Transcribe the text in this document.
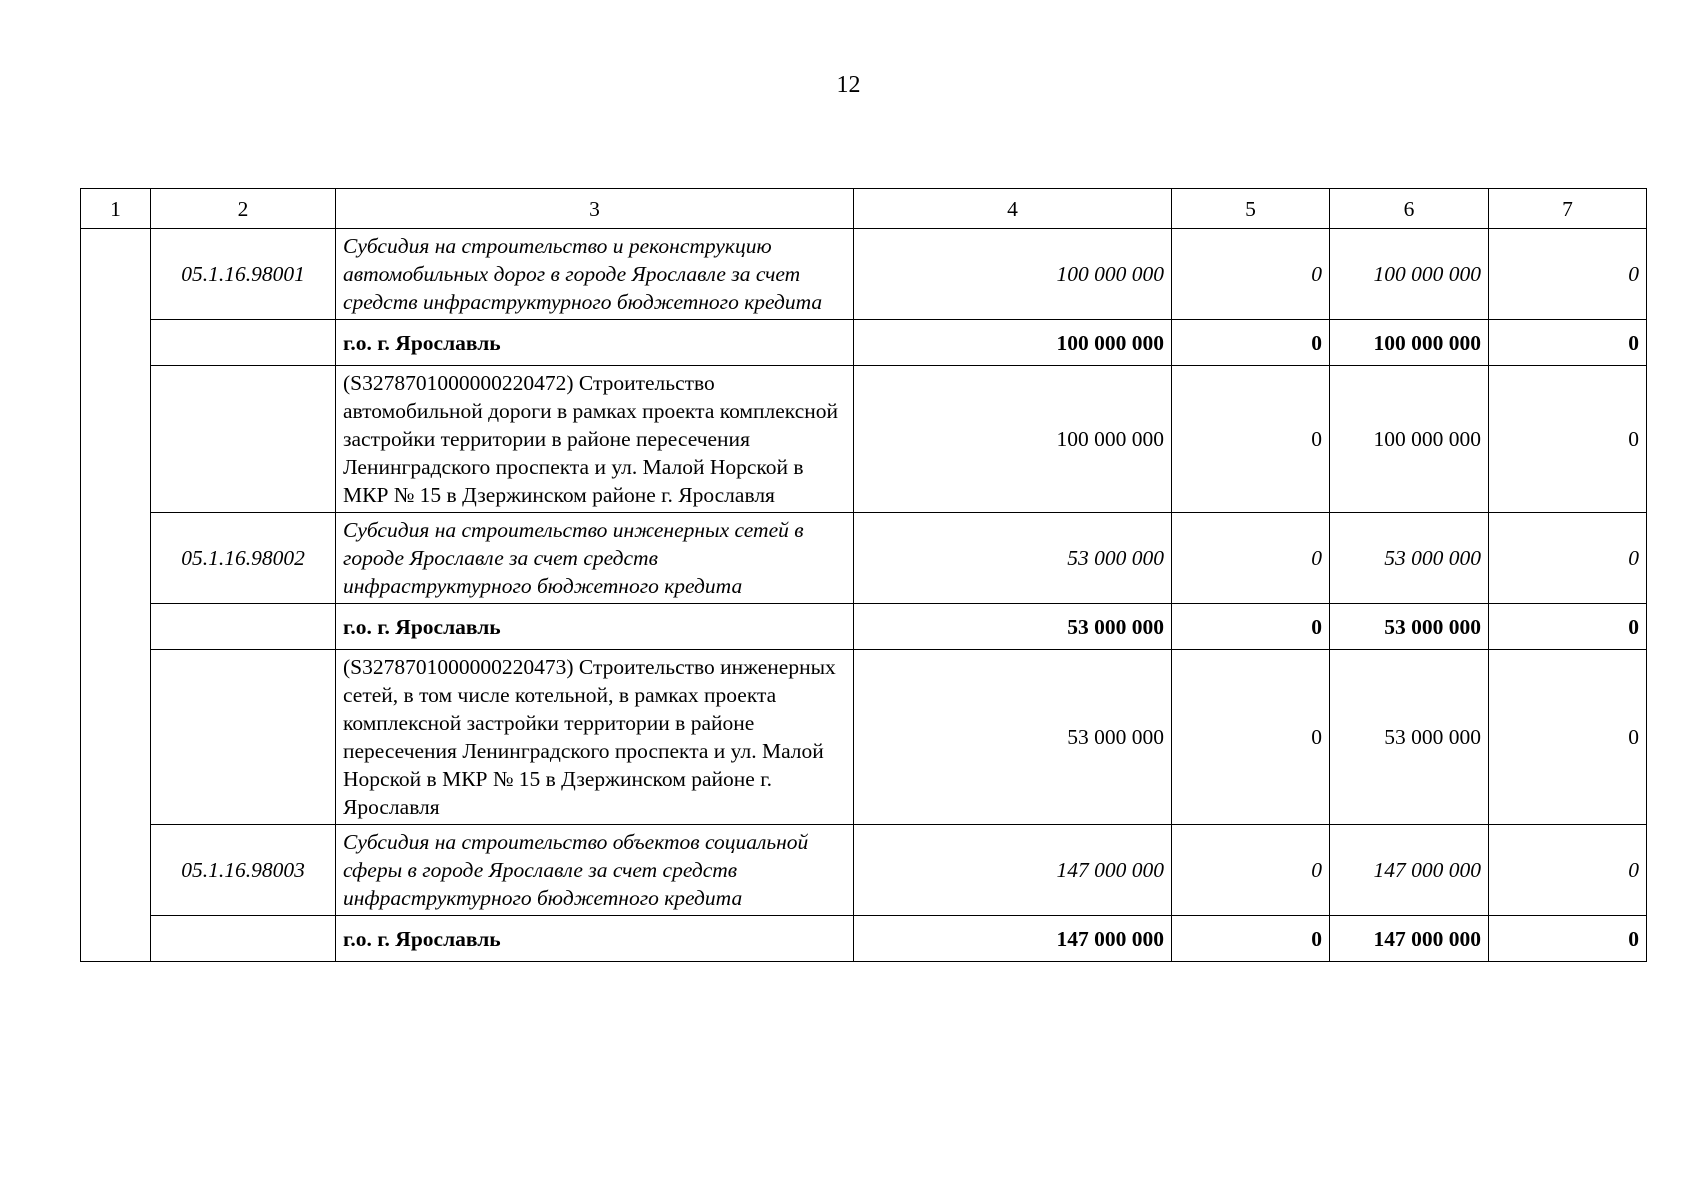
12
1	2	3	4	5	6	7
	05.1.16.98001	Субсидия на строительство и реконструкцию автомобильных дорог в городе Ярославле за счет средств инфраструктурного бюджетного кредита	100 000 000	0	100 000 000	0
		г.о. г. Ярославль	100 000 000	0	100 000 000	0
		(S3278701000000220472) Строительство автомобильной дороги в рамках проекта комплексной застройки территории в районе пересечения Ленинградского проспекта и ул. Малой Норской в МКР № 15 в Дзержинском районе г. Ярославля	100 000 000	0	100 000 000	0
	05.1.16.98002	Субсидия на строительство инженерных сетей в городе Ярославле за счет средств инфраструктурного бюджетного кредита	53 000 000	0	53 000 000	0
		г.о. г. Ярославль	53 000 000	0	53 000 000	0
		(S3278701000000220473) Строительство инженерных сетей, в том числе котельной, в рамках проекта комплексной застройки территории в районе пересечения Ленинградского проспекта и ул. Малой Норской в МКР № 15 в Дзержинском районе г. Ярославля	53 000 000	0	53 000 000	0
	05.1.16.98003	Субсидия на строительство объектов социальной сферы в городе Ярославле за счет средств инфраструктурного бюджетного кредита	147 000 000	0	147 000 000	0
		г.о. г. Ярославль	147 000 000	0	147 000 000	0
